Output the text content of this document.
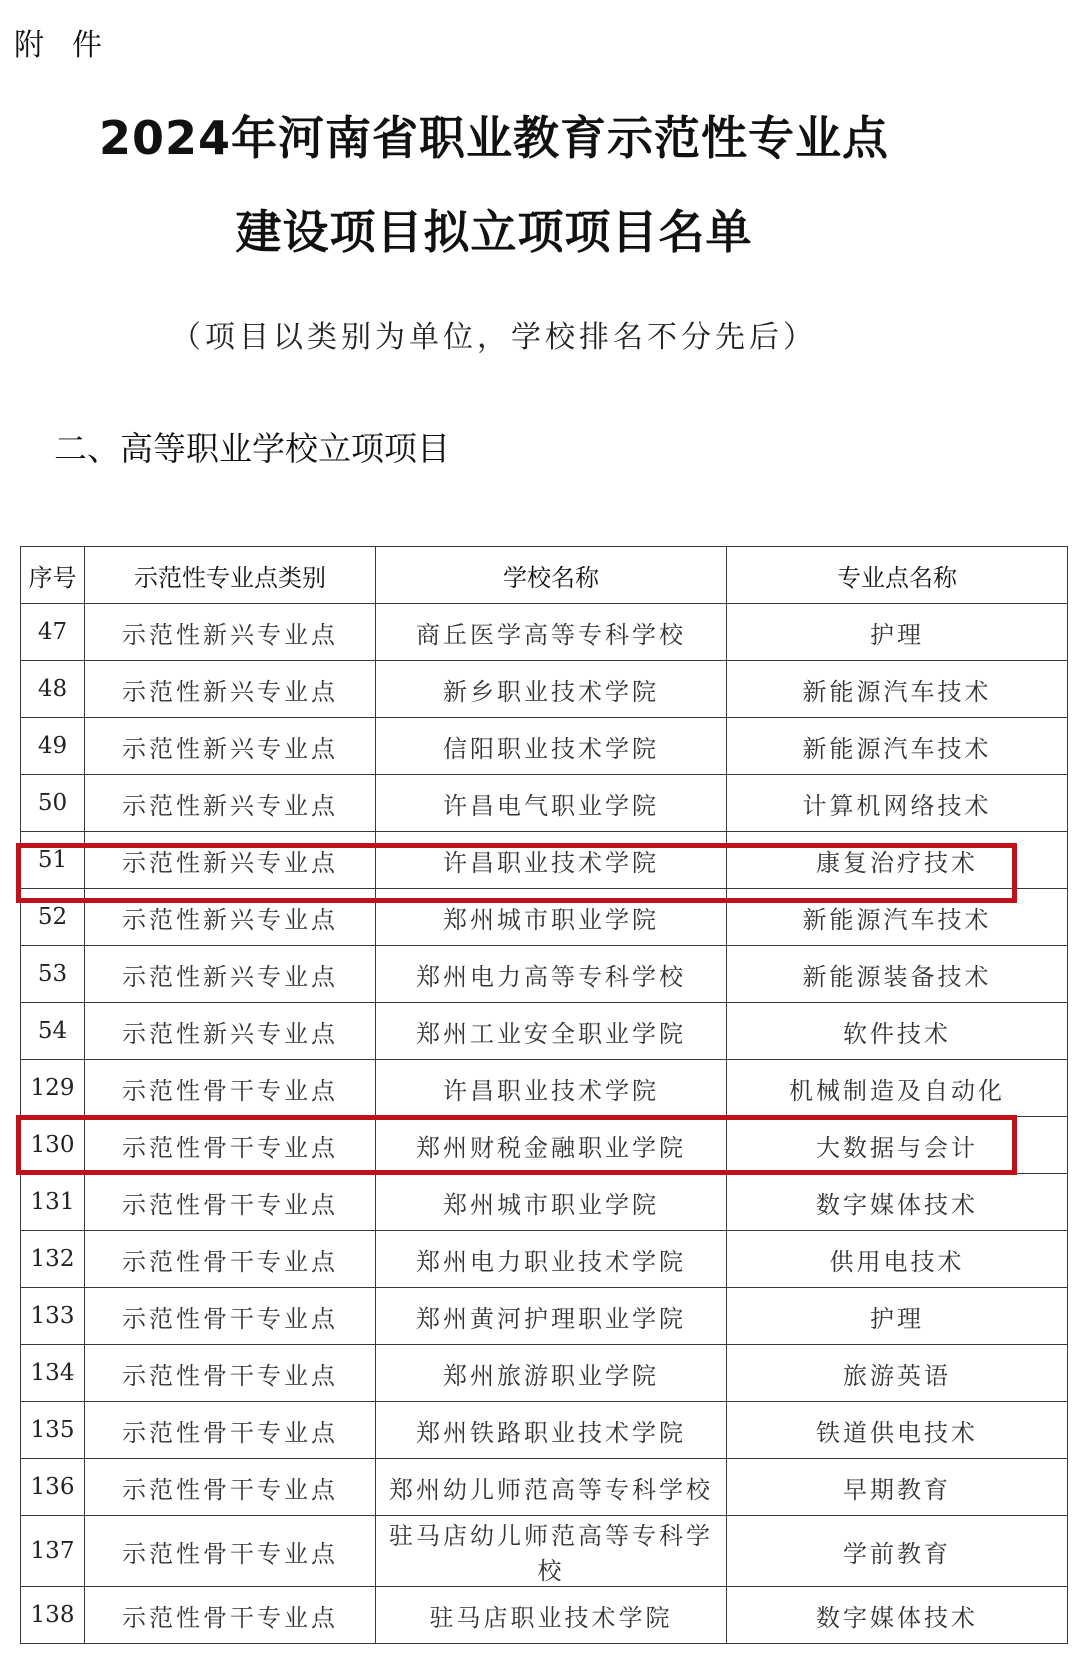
附件
2024年河南省职业教育示范性专业点
建设项目拟立项项目名单
（项目以类别为单位，学校排名不分先后）
二、高等职业学校立项项目
序号	示范性专业点类别	学校名称	专业点名称
47	示范性新兴专业点	商丘医学高等专科学校	护理
48	示范性新兴专业点	新乡职业技术学院	新能源汽车技术
49	示范性新兴专业点	信阳职业技术学院	新能源汽车技术
50	示范性新兴专业点	许昌电气职业学院	计算机网络技术
51	示范性新兴专业点	许昌职业技术学院	康复治疗技术
52	示范性新兴专业点	郑州城市职业学院	新能源汽车技术
53	示范性新兴专业点	郑州电力高等专科学校	新能源装备技术
54	示范性新兴专业点	郑州工业安全职业学院	软件技术
129	示范性骨干专业点	许昌职业技术学院	机械制造及自动化
130	示范性骨干专业点	郑州财税金融职业学院	大数据与会计
131	示范性骨干专业点	郑州城市职业学院	数字媒体技术
132	示范性骨干专业点	郑州电力职业技术学院	供用电技术
133	示范性骨干专业点	郑州黄河护理职业学院	护理
134	示范性骨干专业点	郑州旅游职业学院	旅游英语
135	示范性骨干专业点	郑州铁路职业技术学院	铁道供电技术
136	示范性骨干专业点	郑州幼儿师范高等专科学校	早期教育
137	示范性骨干专业点	驻马店幼儿师范高等专科学校	学前教育
138	示范性骨干专业点	驻马店职业技术学院	数字媒体技术
